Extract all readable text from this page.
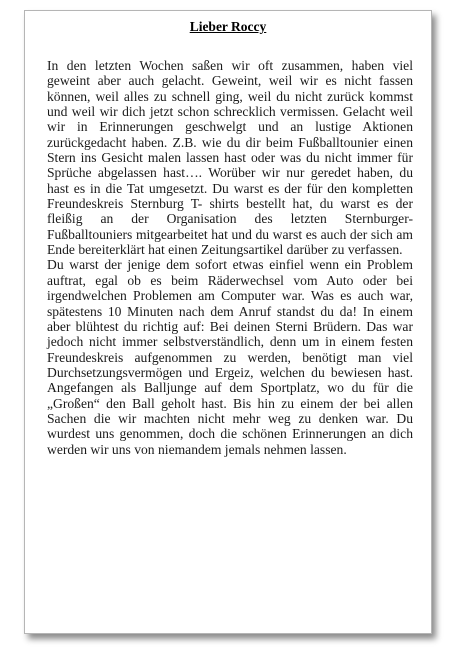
Lieber Roccy

In den letzten Wochen saßen wir oft zusammen, haben viel geweint aber auch gelacht. Geweint, weil wir es nicht fassen können, weil alles zu schnell ging, weil du nicht zurück kommst und weil wir dich jetzt schon schrecklich vermissen. Gelacht weil wir in Erinnerungen geschwelgt und an lustige Aktionen zurückgedacht haben. Z.B. wie du dir beim Fußballtounier einen Stern ins Gesicht malen lassen hast oder was du nicht immer für Sprüche abgelassen hast…. Worüber wir nur geredet haben, du hast es in die Tat umgesetzt. Du warst es der für den kompletten Freundeskreis Sternburg T- shirts bestellt hat, du warst es der fleißig an der Organisation des letzten Sternburger- Fußballtouniers mitgearbeitet hat und du warst es auch der sich am Ende bereiterklärt hat einen Zeitungsartikel darüber zu verfassen.

Du warst der jenige dem sofort etwas einfiel wenn ein Problem auftrat, egal ob es beim Räderwechsel vom Auto oder bei irgendwelchen Problemen am Computer war. Was es auch war, spätestens 10 Minuten nach dem Anruf standst du da! In einem aber blühtest du richtig auf: Bei deinen Sterni Brüdern. Das war jedoch nicht immer selbstverständlich, denn um in einem festen Freundeskreis aufgenommen zu werden, benötigt man viel Durchsetzungsvermögen und Ergeiz, welchen du bewiesen hast. Angefangen als Balljunge auf dem Sportplatz, wo du für die „Großen“ den Ball geholt hast. Bis hin zu einem der bei allen Sachen die wir machten nicht mehr weg zu denken war. Du wurdest uns genommen, doch die schönen Erinnerungen an dich werden wir uns von niemandem jemals nehmen lassen.
